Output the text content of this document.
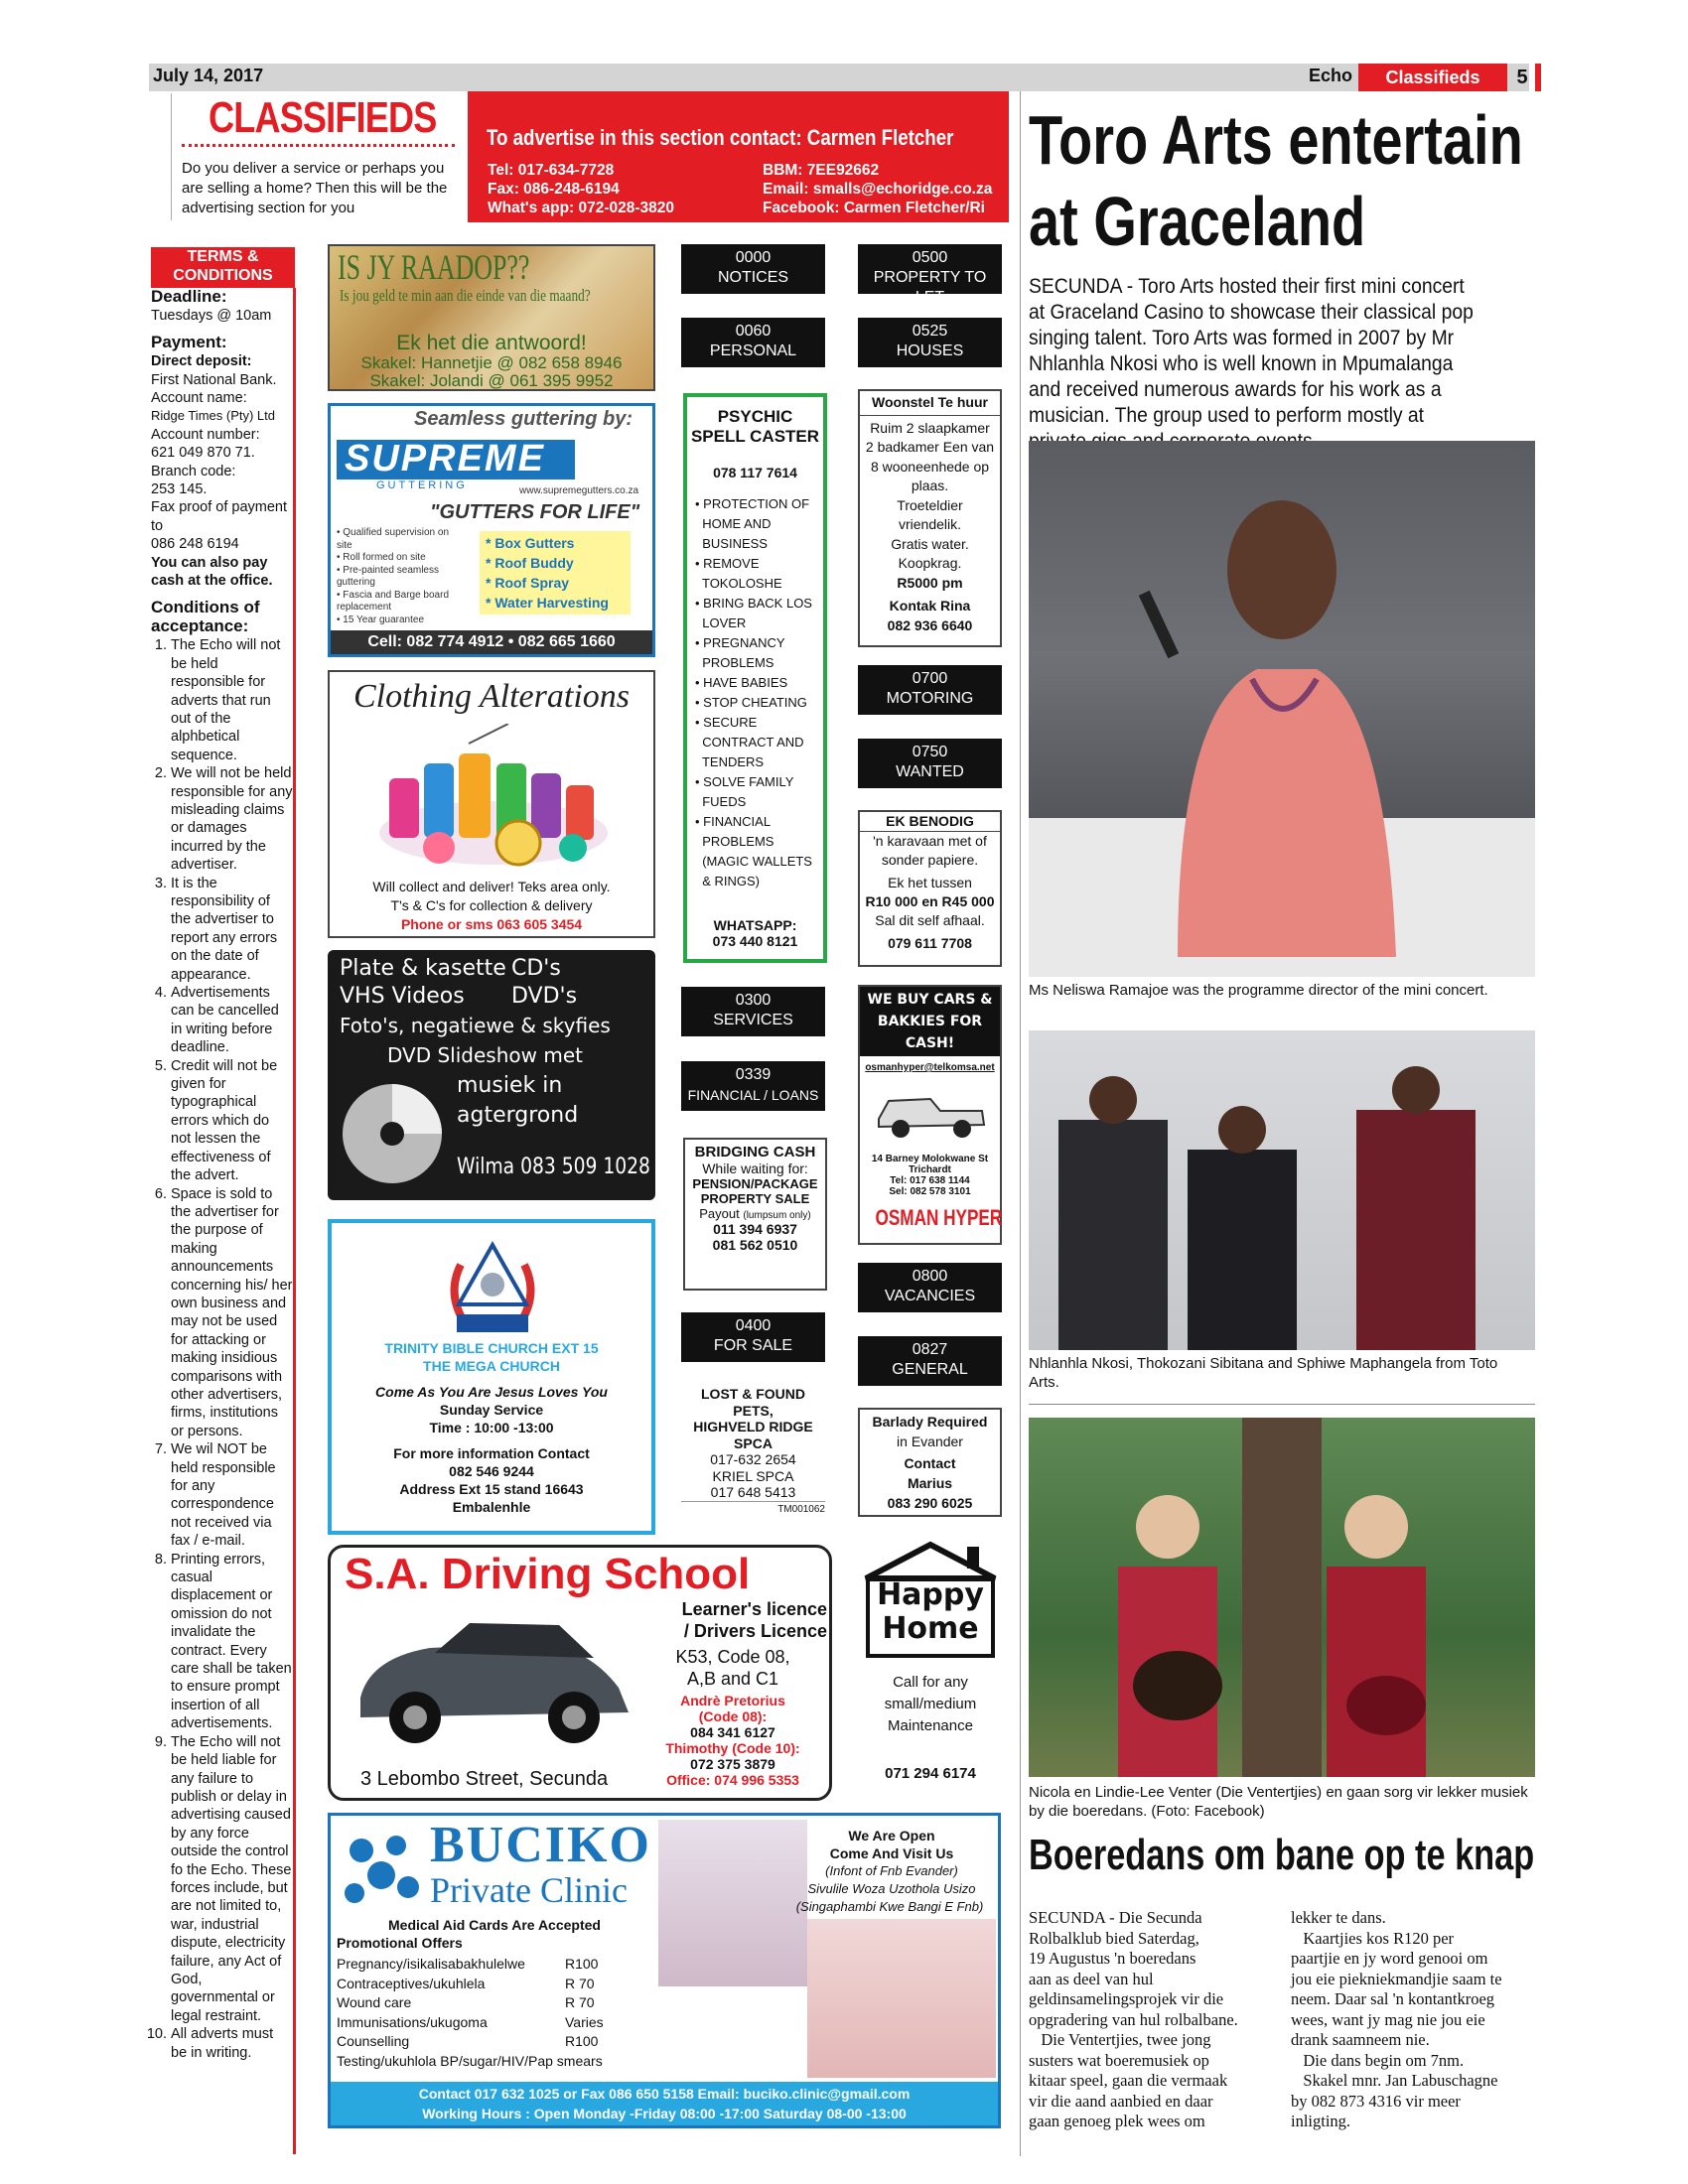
July 14, 2017	Echo	Classifieds	5
CLASSIFIEDS
Do you deliver a service or perhaps you are selling a home? Then this will be the advertising section for you
To advertise in this section contact: Carmen Fletcher
Tel: 017-634-7728
Fax: 086-248-6194
What's app: 072-028-3820
BBM: 7EE92662
Email: smalls@echoridge.co.za
Facebook: Carmen Fletcher/Ri
TERMS & CONDITIONS
Deadline:
Tuesdays @ 10am
Payment:
Direct deposit:
First National Bank.
Account name:
Ridge Times (Pty) Ltd
Account number:
621 049 870 71.
Branch code:
253 145.
Fax proof of payment to
086 248 6194
You can also pay cash at the office.
Conditions of acceptance:
1. The Echo will not be held responsible for adverts that run out of the alphbetical sequence.
2. We will not be held responsible for any misleading claims or damages incurred by the advertiser.
3. It is the responsibility of the advertiser to report any errors on the date of appearance.
4. Advertisements can be cancelled in writing before deadline.
5. Credit will not be given for typographical errors which do not lessen the effectiveness of the advert.
6. Space is sold to the advertiser for the purpose of making announcements concerning his/ her own business and may not be used for attacking or making insidious comparisons with other advertisers, firms, institutions or persons.
7. We wil NOT be held responsible for any correspondence not received via fax / e-mail.
8. Printing errors, casual displacement or omission do not invalidate the contract. Every care shall be taken to ensure prompt insertion of all advertisements.
9. The Echo will not be held liable for any failure to publish or delay in advertising caused by any force outside the control fo the Echo. These forces include, but are not limited to, war, industrial dispute, electricity failure, any Act of God, governmental or legal restraint.
10. All adverts must be in writing.
IS JY RAADOP??
Is jou geld te min aan die einde van die maand?
Ek het die antwoord!
Skakel: Hannetjie @ 082 658 8946
Skakel: Jolandi @ 061 395 9952
Seamless guttering by:
SUPREME
GUTTERING	www.supremegutters.co.za
"GUTTERS FOR LIFE"
• Qualified supervision on site
• Roll formed on site
• Pre-painted seamless guttering
• Fascia and Barge board replacement
• 15 Year guarantee
* Box Gutters
* Roof Buddy
* Roof Spray
* Water Harvesting
Cell: 082 774 4912 • 082 665 1660
Clothing Alterations
Will collect and deliver! Teks area only.
T's & C's for collection & delivery
Phone or sms 063 605 3454
Plate & kasette CD's
VHS Videos DVD's
Foto's, negatiewe & skyfies
DVD Slideshow met
musiek in
agtergrond
Wilma 083 509 1028
TRINITY BIBLE CHURCH EXT 15
THE MEGA CHURCH
Come As You Are Jesus Loves You
Sunday Service
Time : 10:00 -13:00
For more information Contact
082 546 9244
Address Ext 15 stand 16643
Embalenhle
S.A. Driving School
3 Lebombo Street, Secunda
Learner's licence
/ Drivers Licence
K53, Code 08,
A,B and C1
Andrè Pretorius
(Code 08):
084 341 6127
Thimothy (Code 10):
072 375 3879
Office: 074 996 5353
BUCIKO
Private Clinic
We Are Open
Come And Visit Us
(Infont of Fnb Evander)
Sivulile Woza Uzothola Usizo
(Singaphambi Kwe Bangi E Fnb)
Medical Aid Cards Are Accepted
Promotional Offers
Pregnancy/isikalisabakhulelwe	R100
Contraceptives/ukuhlela	R 70
Wound care	R 70
Immunisations/ukugoma	Varies
Counselling	R100
Testing/ukuhlola BP/sugar/HIV/Pap smears
Contact 017 632 1025 or Fax 086 650 5158 Email: buciko.clinic@gmail.com
Working Hours : Open Monday -Friday 08:00 -17:00 Saturday 08-00 -13:00
0000
NOTICES
0060
PERSONAL
PSYCHIC
SPELL CASTER
078 117 7614
• PROTECTION OF
HOME AND
BUSINESS
• REMOVE
TOKOLOSHE
• BRING BACK LOS
LOVER
• PREGNANCY
PROBLEMS
• HAVE BABIES
• STOP CHEATING
• SECURE
CONTRACT AND
TENDERS
• SOLVE FAMILY
FUEDS
• FINANCIAL
PROBLEMS
(MAGIC WALLETS
& RINGS)
WHATSAPP:
073 440 8121
0300
SERVICES
0339
FINANCIAL / LOANS
BRIDGING CASH
While waiting for:
PENSION/PACKAGE
PROPERTY SALE
Payout (lumpsum only)
011 394 6937
081 562 0510
0400
FOR SALE
LOST & FOUND
PETS,
HIGHVELD RIDGE
SPCA
017-632 2654
KRIEL SPCA
017 648 5413
TM001062
0500
PROPERTY TO LET
0525
HOUSES
Woonstel Te huur
Ruim 2 slaapkamer
2 badkamer Een van
8 wooneenhede op
plaas.
Troeteldier
vriendelik.
Gratis water.
Koopkrag.
R5000 pm
Kontak Rina
082 936 6640
0700
MOTORING
0750
WANTED
EK BENODIG
'n karavaan met of
sonder papiere.
Ek het tussen
R10 000 en R45 000
Sal dit self afhaal.
079 611 7708
WE BUY CARS &
BAKKIES FOR CASH!
osmanhyper@telkomsa.net
14 Barney Molokwane St
Trichardt
Tel: 017 638 1144
Sel: 082 578 3101
OSMAN HYPER
0800
VACANCIES
0827
GENERAL
Barlady Required
in Evander
Contact
Marius
083 290 6025
Happy
Home
Call for any
small/medium
Maintenance
071 294 6174
Toro Arts entertain
at Graceland
SECUNDA - Toro Arts hosted their first mini concert at Graceland Casino to showcase their classical pop singing talent. Toro Arts was formed in 2007 by Mr Nhlanhla Nkosi who is well known in Mpumalanga and received numerous awards for his work as a musician. The group used to perform mostly at
Ms Neliswa Ramajoe was the programme director of the mini concert.
Nhlanhla Nkosi, Thokozani Sibitana and Sphiwe Maphangela from Toto Arts.
Nicola en Lindie-Lee Venter (Die Ventertjies) en gaan sorg vir lekker musiek by die boeredans. (Foto: Facebook)
Boeredans om bane op te knap
SECUNDA - Die Secunda
Rolbalklub bied Saterdag,
19 Augustus 'n boeredans
aan as deel van hul
geldinsamelingsprojek vir die
opgradering van hul rolbalbane.
Die Ventertjies, twee jong
susters wat boeremusiek op
kitaar speel, gaan die vermaak
vir die aand aanbied en daar
gaan genoeg plek wees om
lekker te dans.
Kaartjies kos R120 per
paartjie en jy word genooi om
jou eie piekniekmandjie saam te
neem. Daar sal 'n kontantkroeg
wees, want jy mag nie jou eie
drank saamneem nie.
Die dans begin om 7nm.
Skakel mnr. Jan Labuschagne
by 082 873 4316 vir meer
inligting.
